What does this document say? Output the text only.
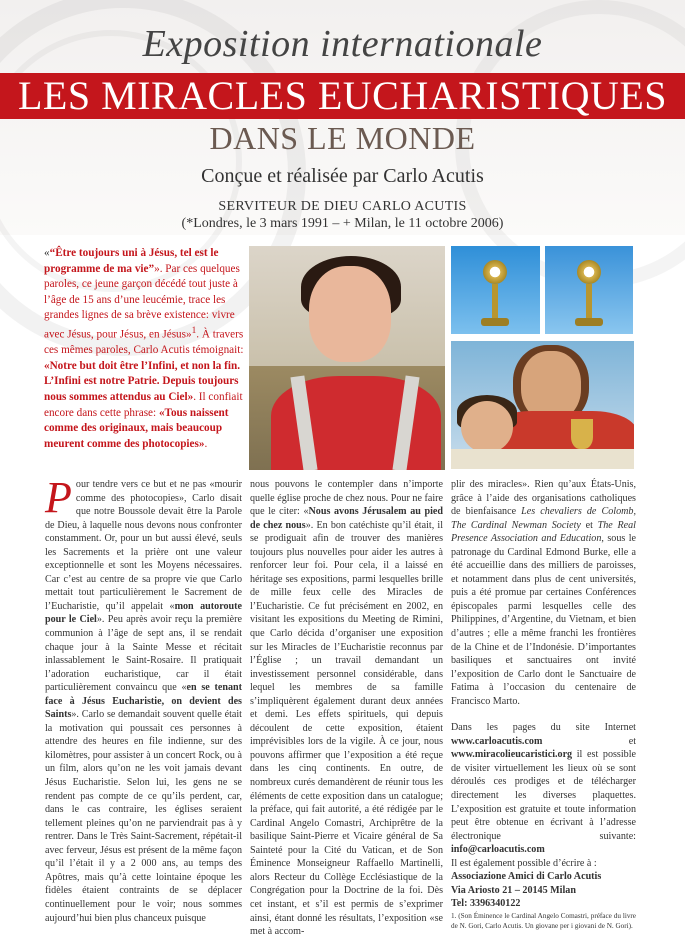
Exposition internationale
LES MIRACLES EUCHARISTIQUES
DANS LE MONDE
Conçue et réalisée par Carlo Acutis
SERVITEUR DE DIEU CARLO ACUTIS
(*Londres, le 3 mars 1991 – + Milan, le 11 octobre 2006)
«“Être toujours uni à Jésus, tel est le programme de ma vie”». Par ces quelques paroles, ce jeune garçon décédé tout juste à l’âge de 15 ans d’une leucémie, trace les grandes lignes de sa brève existence: vivre avec Jésus, pour Jésus, en Jésus»$^1$. À travers ces mêmes paroles, Carlo Acutis témoignait: «Notre but doit être l’Infini, et non la fin. L’Infini est notre Patrie. Depuis toujours nous sommes attendus au Ciel». Il confiait encore dans cette phrase: «Tous naissent comme des originaux, mais beaucoup meurent comme des photocopies».

Pour tendre vers ce but et ne pas «mourir comme des photocopies», Carlo disait que notre Boussole devait être la Parole de Dieu, à laquelle nous devons nous confronter constamment. Or, pour un but aussi élevé, seuls les Sacrements et la prière ont une valeur exceptionnelle et sont les Moyens nécessaires. Car c’est au centre de sa propre vie que Carlo mettait tout particulièrement le Sacrement de l’Eucharistie, qu’il appelait «mon autoroute pour le Ciel». Peu après avoir reçu la première communion à l’âge de sept ans, il se rendait chaque jour à la Sainte Messe et récitait inlassablement le Saint-Rosaire. Il pratiquait l’adoration eucharistique, car il était particulièrement convaincu que «en se tenant face à Jésus Eucharistie, on devient des Saints». Carlo se demandait souvent quelle était la motivation qui poussait ces personnes à attendre des heures en file indienne, sur des kilomètres, pour assister à un concert Rock, ou à un film, alors qu’on ne les voit jamais devant Jésus Eucharistie. Selon lui, les gens ne se rendent pas compte de ce qu’ils perdent, car, dans le cas contraire, les églises seraient tellement pleines qu’on ne parviendrait pas à y rentrer. Dans le Très Saint-Sacrement, répétait-il avec ferveur, Jésus est présent de la même façon qu’il l’était il y a 2 000 ans, au temps des Apôtres, mais qu’à cette lointaine époque les fidèles étaient contraints de se déplacer continuellement pour le voir; nous sommes aujourd’hui bien plus chanceux puisque

nous pouvons le contempler dans n’importe quelle église proche de chez nous. Pour ne faire que le citer: «Nous avons Jérusalem au pied de chez nous». En bon catéchiste qu’il était, il se prodiguait afin de trouver des manières toujours plus nouvelles pour aider les autres à renforcer leur foi. Pour cela, il a laissé en héritage ses expositions, parmi lesquelles brille de mille feux celle des Miracles de l’Eucharistie. Ce fut précisément en 2002, en visitant les expositions du Meeting de Rimini, que Carlo décida d’organiser une exposition sur les Miracles de l’Eucharistie reconnus par l’Église ; un travail demandant un investissement personnel considérable, dans lequel les membres de sa famille s’impliquèrent également durant deux années et demi. Les effets spirituels, qui depuis découlent de cette exposition, étaient imprévisibles lors de la vigile. À ce jour, nous pouvons affirmer que l’exposition a été reçue dans les cinq continents. En outre, de nombreux curés demandèrent de réunir tous les éléments de cette exposition dans un catalogue; la préface, qui fait autorité, a été rédigée par le Cardinal Angelo Comastri, Archiprêtre de la basilique Saint-Pierre et Vicaire général de Sa Sainteté pour la Cité du Vatican, et de Son Éminence Monseigneur Raffaello Martinelli, alors Recteur du Collège Ecclésiastique de la Congrégation pour la Doctrine de la foi. Dès cet instant, et s’il est permis de s’exprimer ainsi, étant donné les résultats, l’exposition «se met à accom-

plir des miracles». Rien qu’aux États-Unis, grâce à l’aide des organisations catholiques de bienfaisance Les chevaliers de Colomb, The Cardinal Newman Society et The Real Presence Association and Education, sous le patronage du Cardinal Edmond Burke, elle a été accueillie dans des milliers de paroisses, et notamment dans plus de cent universités, puis a été promue par certaines Conférences épiscopales parmi lesquelles celle des Philippines, d’Argentine, du Vietnam, et bien d’autres ; elle a même franchi les frontières de la Chine et de l’Indonésie. D’importantes basiliques et sanctuaires ont invité l’exposition de Carlo dont le Sanctuaire de Fatima à l’occasion du centenaire de Francisco Marto.

Dans les pages du site Internet www.carloacutis.com et www.miracolieucaristici.org il est possible de visiter virtuellement les lieux où se sont déroulés ces prodiges et de télécharger directement les diverses plaquettes. L’exposition est gratuite et toute information peut être obtenue en écrivant à l’adresse électronique suivante: info@carloacutis.com

Il est également possible d’écrire à :
Associazione Amici di Carlo Acutis
Via Ariosto 21 – 20145 Milan
Tel: 3396340122

1. (Son Éminence le Cardinal Angelo Comastri, préface du livre de N. Gori, Carlo Acutis. Un giovane per i giovani de N. Gori).
